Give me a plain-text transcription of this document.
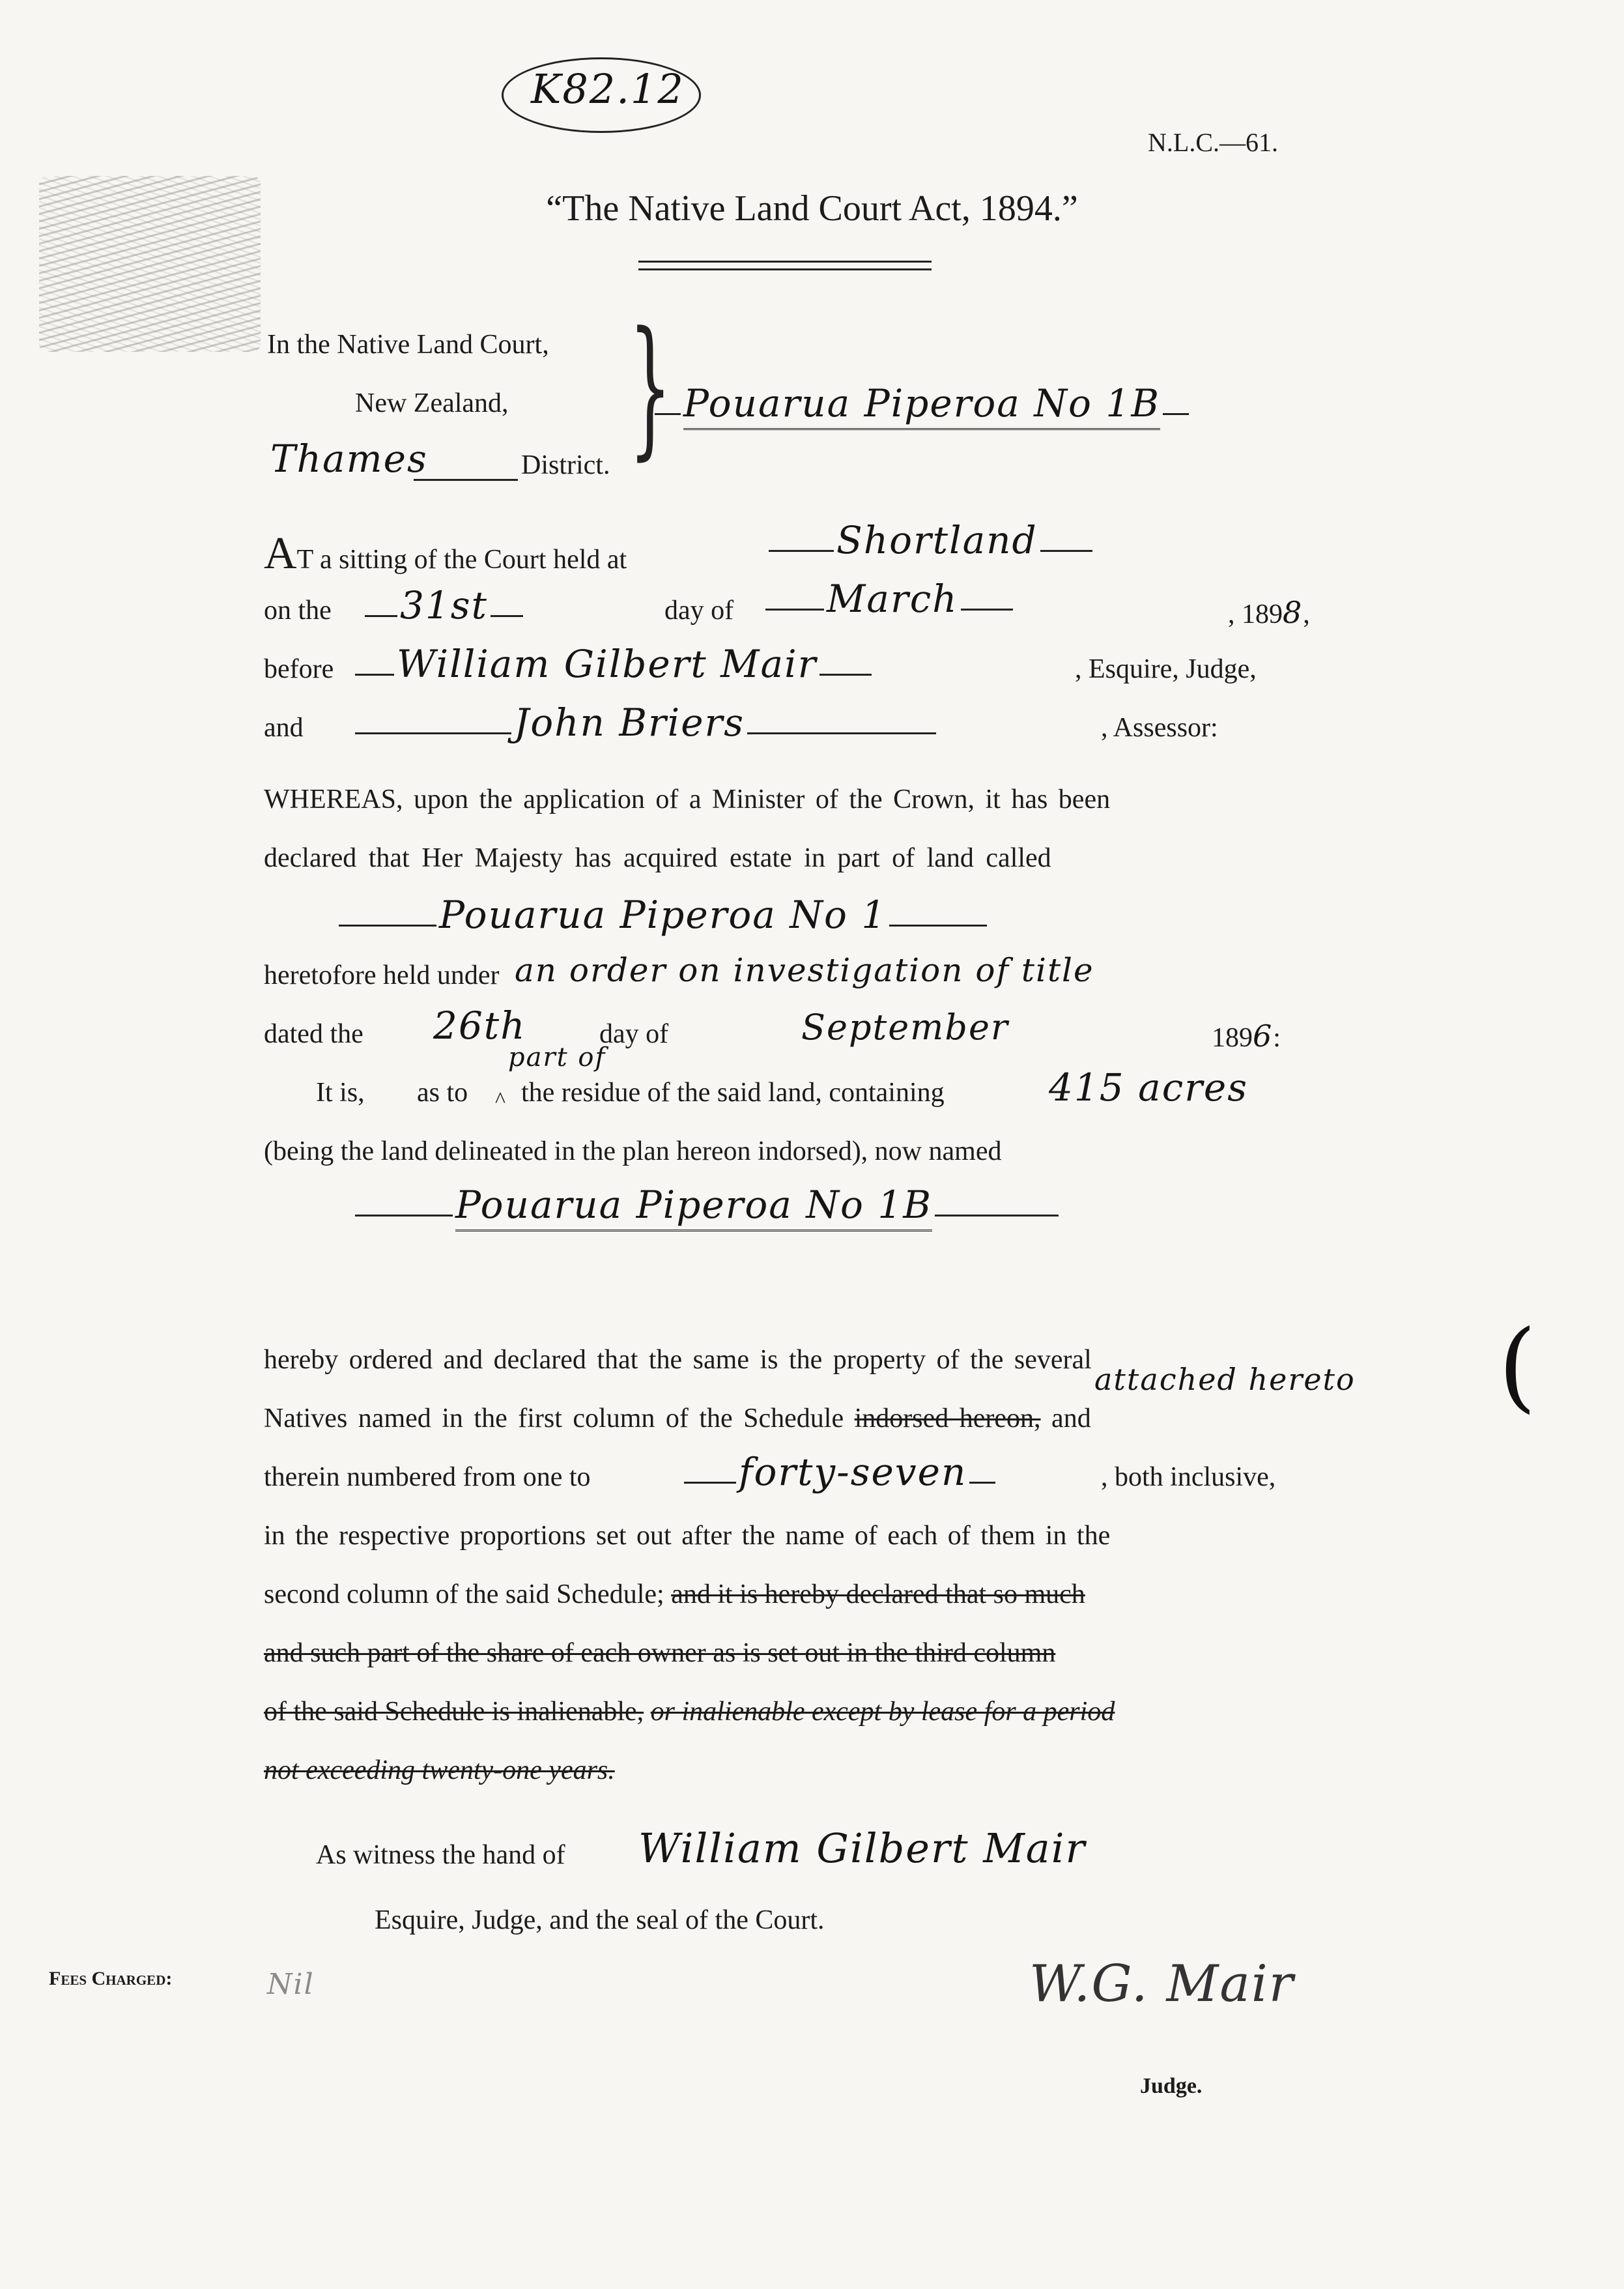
K82.12
N.L.C.—61.
“The Native Land Court Act, 1894.”
In the Native Land Court,
New Zealand,
Thames	District. } Pouarua Piperoa No 1B
AT a sitting of the Court held at	Shortland
on the	31st	day of	March	, 1898,
before	William Gilbert Mair	, Esquire, Judge,
and	John Briers	, Assessor:
WHEREAS, upon the application of a Minister of the Crown, it has been
declared that Her Majesty has acquired estate in part of land called
Pouarua Piperoa No 1
heretofore held under an order on investigation of title
dated the 26th	day of	September	1896:
part of
It is, as to ^ the residue of the said land, containing	415 acres
(being the land delineated in the plan hereon indorsed), now named
Pouarua Piperoa No 1B
hereby ordered and declared that the same is the property of the several
attached hereto
Natives named in the first column of the Schedule indorsed hereon, and
therein numbered from one to	forty-seven	, both inclusive,
in the respective proportions set out after the name of each of them in the
second column of the said Schedule; and it is hereby declared that so much
and such part of the share of each owner as is set out in the third column
of the said Schedule is inalienable, or inalienable except by lease for a period
not exceeding twenty-one years.
As witness the hand of William Gilbert Mair
Esquire, Judge, and the seal of the Court.
Fees Charged:	Nil	W.G. Mair
Judge.
(
